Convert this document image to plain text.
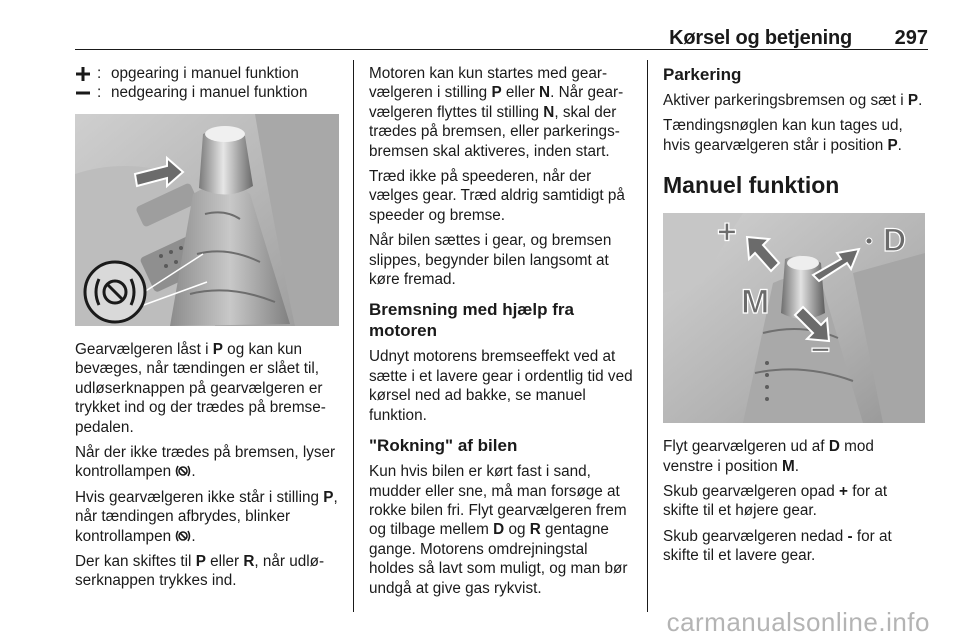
Kørsel og betjening 297
: opgearing i manuel funktion
: nedgearing i manuel funktion

Gearvælgeren låst i P og kan kun bevæges, når tændingen er slået til, udløserknappen på gearvælgeren er trykket ind og der trædes på bremse-pedalen.

Når der ikke trædes på bremsen, lyser kontrollampen .

Hvis gearvælgeren ikke står i stilling P, når tændingen afbrydes, blinker kontrollampen .

Der kan skiftes til P eller R, når udlø-serknappen trykkes ind.

Motoren kan kun startes med gear-vælgeren i stilling P eller N. Når gear-vælgeren flyttes til stilling N, skal der trædes på bremsen, eller parkerings-bremsen skal aktiveres, inden start.

Træd ikke på speederen, når der vælges gear. Træd aldrig samtidigt på speeder og bremse.

Når bilen sættes i gear, og bremsen slippes, begynder bilen langsomt at køre fremad.

Bremsning med hjælp fra motoren

Udnyt motorens bremseeffekt ved at sætte i et lavere gear i ordentlig tid ved kørsel ned ad bakke, se manuel funktion.

"Rokning" af bilen

Kun hvis bilen er kørt fast i sand, mudder eller sne, må man forsøge at rokke bilen fri. Flyt gearvælgeren frem og tilbage mellem D og R gentagne gange. Motorens omdrejningstal holdes så lavt som muligt, og man bør undgå at give gas rykvist.

Parkering

Aktiver parkeringsbremsen og sæt i P.

Tændingsnøglen kan kun tages ud, hvis gearvælgeren står i position P.

Manuel funktion
+	D
M
–

Flyt gearvælgeren ud af D mod venstre i position M.

Skub gearvælgeren opad + for at skifte til et højere gear.

Skub gearvælgeren nedad - for at skifte til et lavere gear.

carmanualsonline.info
